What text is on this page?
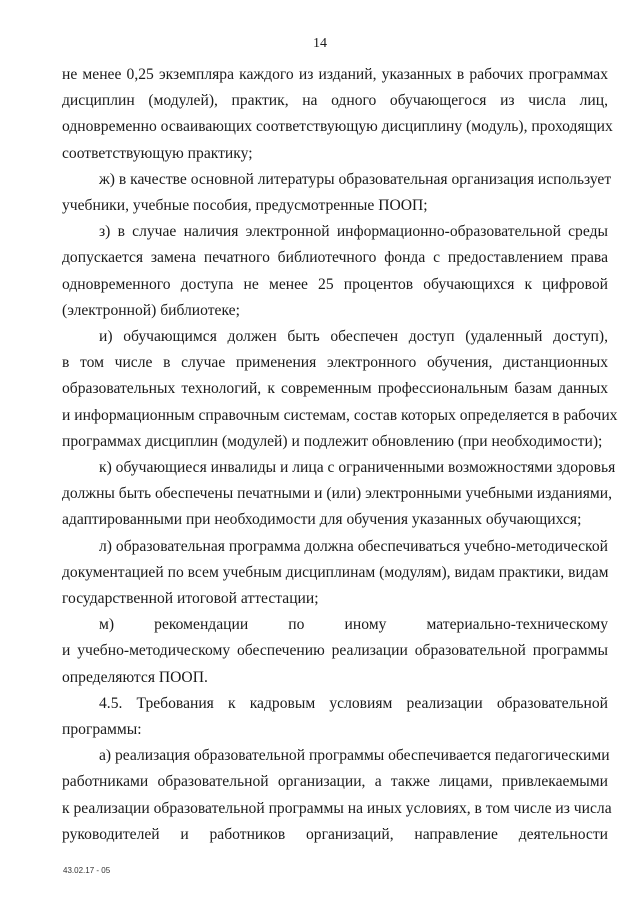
14
не менее 0,25 экземпляра каждого из изданий, указанных в рабочих программах
дисциплин (модулей), практик, на одного обучающегося из числа лиц,
одновременно осваивающих соответствующую дисциплину (модуль), проходящих
соответствующую практику;
ж) в качестве основной литературы образовательная организация использует
учебники, учебные пособия, предусмотренные ПООП;
з) в случае наличия электронной информационно-образовательной среды
допускается замена печатного библиотечного фонда с предоставлением права
одновременного доступа не менее 25 процентов обучающихся к цифровой
(электронной) библиотеке;
и) обучающимся должен быть обеспечен доступ (удаленный доступ),
в том числе в случае применения электронного обучения, дистанционных
образовательных технологий, к современным профессиональным базам данных
и информационным справочным системам, состав которых определяется в рабочих
программах дисциплин (модулей) и подлежит обновлению (при необходимости);
к) обучающиеся инвалиды и лица с ограниченными возможностями здоровья
должны быть обеспечены печатными и (или) электронными учебными изданиями,
адаптированными при необходимости для обучения указанных обучающихся;
л) образовательная программа должна обеспечиваться учебно-методической
документацией по всем учебным дисциплинам (модулям), видам практики, видам
государственной итоговой аттестации;
м) рекомендации по иному материально-техническому
и учебно-методическому обеспечению реализации образовательной программы
определяются ПООП.
4.5. Требования к кадровым условиям реализации образовательной
программы:
а) реализация образовательной программы обеспечивается педагогическими
работниками образовательной организации, а также лицами, привлекаемыми
к реализации образовательной программы на иных условиях, в том числе из числа
руководителей и работников организаций, направление деятельности
43.02.17 - 05
